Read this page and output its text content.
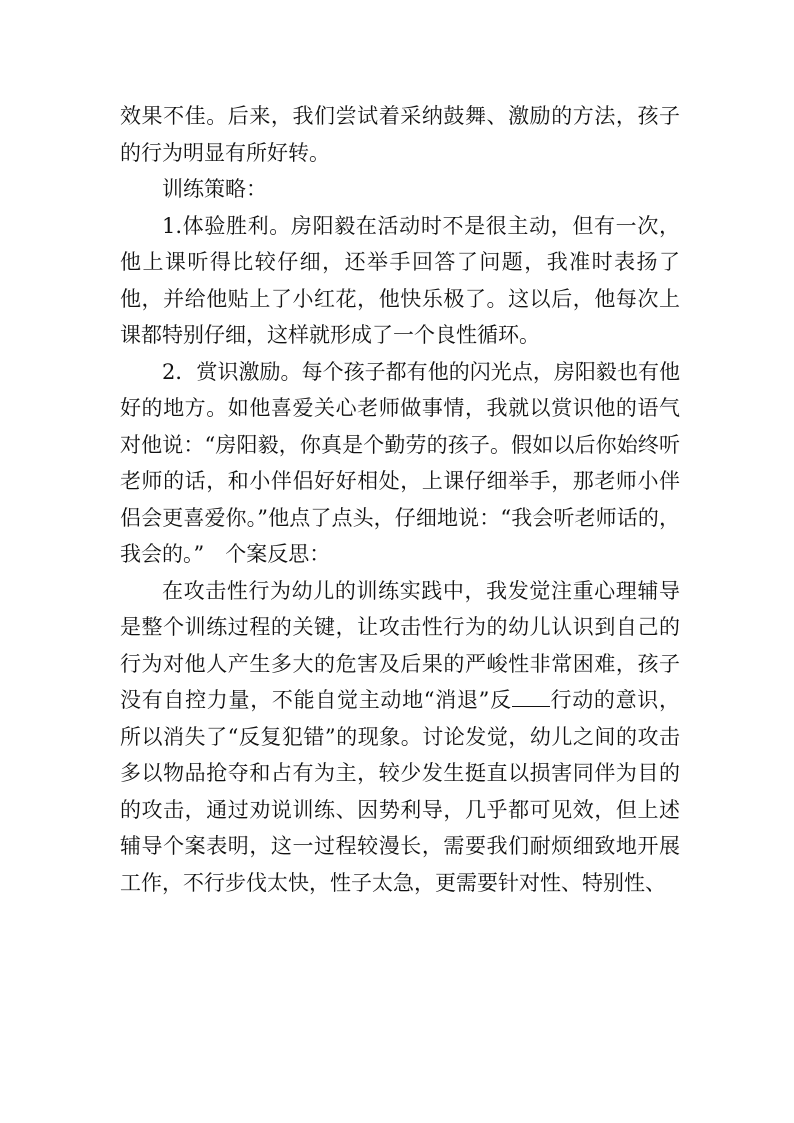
效果不佳。后来，我们尝试着采纳鼓舞、激励的方法，孩子的行为明显有所好转。

训练策略：

1.体验胜利。房阳毅在活动时不是很主动，但有一次，他上课听得比较仔细，还举手回答了问题，我准时表扬了他，并给他贴上了小红花，他快乐极了。这以后，他每次上课都特别仔细，这样就形成了一个良性循环。

2．赏识激励。每个孩子都有他的闪光点，房阳毅也有他好的地方。如他喜爱关心老师做事情，我就以赏识他的语气对他说：“房阳毅，你真是个勤劳的孩子。假如以后你始终听老师的话，和小伴侣好好相处，上课仔细举手，那老师小伴侣会更喜爱你。”他点了点头，仔细地说：“我会听老师话的，我会的。”　个案反思：

在攻击性行为幼儿的训练实践中，我发觉注重心理辅导是整个训练过程的关键，让攻击性行为的幼儿认识到自己的行为对他人产生多大的危害及后果的严峻性非常困难，孩子没有自控力量，不能自觉主动地“消退”反 行动的意识，所以消失了“反复犯错”的现象。讨论发觉，幼儿之间的攻击多以物品抢夺和占有为主，较少发生挺直以损害同伴为目的的攻击，通过劝说训练、因势利导，几乎都可见效，但上述辅导个案表明，这一过程较漫长，需要我们耐烦细致地开展工作，不行步伐太快，性子太急，更需要针对性、特别性、
